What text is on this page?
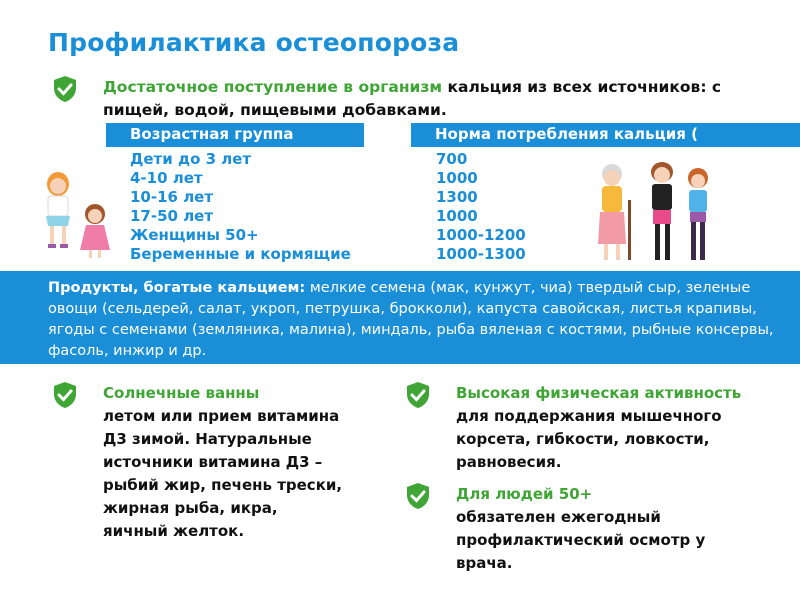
Профилактика остеопороза
Достаточное поступление в организм кальция из всех источников: с пищей, водой, пищевыми добавками.
Возрастная группа	Норма потребления кальция (
Дети до 3 лет
4-10 лет
10-16 лет
17-50 лет
Женщины 50+
Беременные и кормящие
700
1000
1300
1000
1000-1200
1000-1300

Продукты, богатые кальцием: мелкие семена (мак, кунжут, чиа) твердый сыр, зеленые овощи (сельдерей, салат, укроп, петрушка, брокколи), капуста савойская, листья крапивы, ягоды с семенами (земляника, малина), миндаль, рыба вяленая с костями, рыбные консервы, фасоль, инжир и др.

Солнечные ванны
летом или прием витамина Д3 зимой. Натуральные источники витамина Д3 – рыбий жир, печень трески, жирная рыба, икра, яичный желток.
Высокая физическая активность для поддержания мышечного корсета, гибкости, ловкости, равновесия.
Для людей 50+
обязателен ежегодный профилактический осмотр у врача.
